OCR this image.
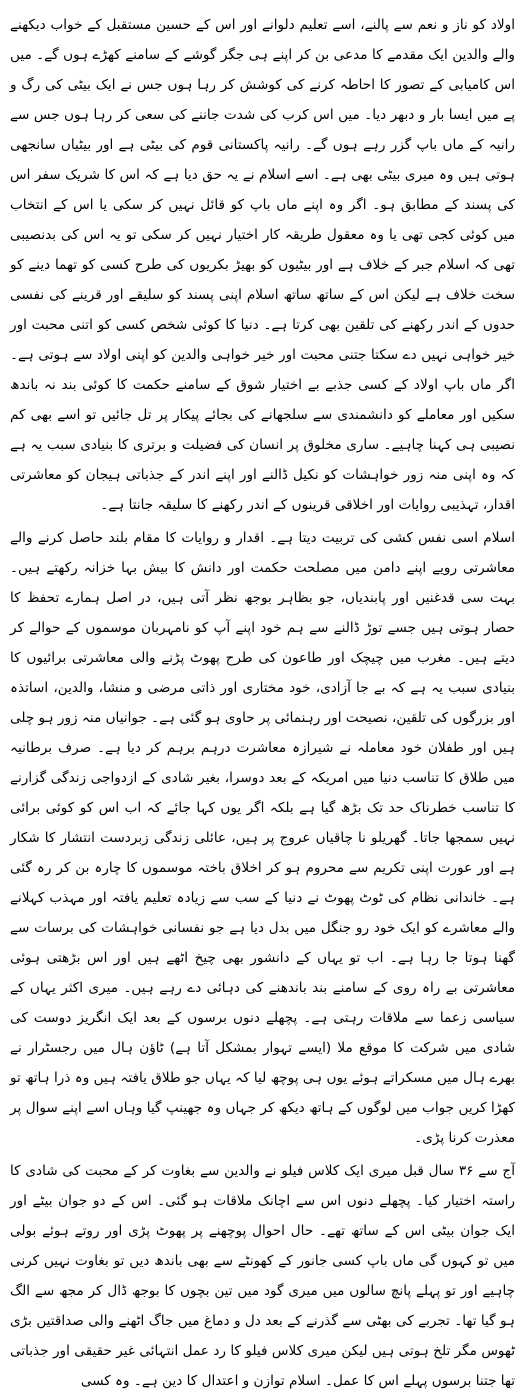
اولاد کو ناز و نعم سے پالنے، اسے تعلیم دلوانے اور اس کے حسین مستقبل کے خواب دیکھنے والے والدین ایک مقدمے کا مدعی بن کر اپنے ہی جگر گوشے کے سامنے کھڑے ہوں گے۔ میں اس کامیابی کے تصور کا احاطہ کرنے کی کوشش کر رہا ہوں جس نے ایک بیٹی کی رگ و پے میں ایسا بار و دبھر دیا۔ میں اس کرب کی شدت جاننے کی سعی کر رہا ہوں جس سے رانیہ کے ماں باپ گزر رہے ہوں گے۔ رانیہ پاکستانی قوم کی بیٹی ہے اور بیٹیاں سانجھی ہوتی ہیں وہ میری بیٹی بھی ہے۔ اسے اسلام نے یہ حق دیا ہے کہ اس کا شریک سفر اس کی پسند کے مطابق ہو۔ اگر وہ اپنے ماں باپ کو قائل نہیں کر سکی یا اس کے انتخاب میں کوئی کجی تھی یا وہ معقول طریقہ کار اختیار نہیں کر سکی تو یہ اس کی بدنصیبی تھی کہ اسلام جبر کے خلاف ہے اور بیٹیوں کو بھیڑ بکریوں کی طرح کسی کو تھما دینے کو سخت خلاف ہے لیکن اس کے ساتھ ساتھ اسلام اپنی پسند کو سلیقے اور قرینے کی نفسی حدوں کے اندر رکھنے کی تلقین بھی کرتا ہے۔ دنیا کا کوئی شخص کسی کو اتنی محبت اور خیر خواہی نہیں دے سکتا جتنی محبت اور خیر خواہی والدین کو اپنی اولاد سے ہوتی ہے۔ اگر ماں باپ اولاد کے کسی جذبے بے اختیار شوق کے سامنے حکمت کا کوئی بند نہ باندھ سکیں اور معاملے کو دانشمندی سے سلجھانے کی بجائے پیکار پر تل جائیں تو اسے بھی کم نصیبی ہی کہنا چاہیے۔ ساری مخلوق پر انسان کی فضیلت و برتری کا بنیادی سبب یہ ہے کہ وہ اپنی منہ زور خواہشات کو نکیل ڈالنے اور اپنے اندر کے جذباتی ہیجان کو معاشرتی اقدار، تہذیبی روایات اور اخلاقی قرینوں کے اندر رکھنے کا سلیقہ جانتا ہے۔

اسلام اسی نفس کشی کی تربیت دیتا ہے۔ اقدار و روایات کا مقام بلند حاصل کرنے والے معاشرتی رویے اپنے دامن میں مصلحت حکمت اور دانش کا بیش بہا خزانہ رکھتے ہیں۔ بہت سی قدغنیں اور پابندیاں، جو بظاہر بوجھ نظر آتی ہیں، در اصل ہمارے تحفظ کا حصار ہوتی ہیں جسے توڑ ڈالنے سے ہم خود اپنے آپ کو نامہربان موسموں کے حوالے کر دیتے ہیں۔ مغرب میں چیچک اور طاعون کی طرح پھوٹ پڑنے والی معاشرتی برائیوں کا بنیادی سبب یہ ہے کہ بے جا آزادی، خود مختاری اور ذاتی مرضی و منشا، والدین، اساتذہ اور بزرگوں کی تلقین، نصیحت اور رہنمائی پر حاوی ہو گئی ہے۔ جوانیاں منہ زور ہو چلی ہیں اور طفلان خود معاملہ نے شیرازہ معاشرت درہم برہم کر دیا ہے۔ صرف برطانیہ میں طلاق کا تناسب دنیا میں امریکہ کے بعد دوسرا، بغیر شادی کے ازدواجی زندگی گزارنے کا تناسب خطرناک حد تک بڑھ گیا ہے بلکہ اگر یوں کہا جائے کہ اب اس کو کوئی برائی نہیں سمجھا جاتا۔ گھریلو نا چاقیاں عروج پر ہیں، عائلی زندگی زبردست انتشار کا شکار ہے اور عورت اپنی تکریم سے محروم ہو کر اخلاق باختہ موسموں کا چارہ بن کر رہ گئی ہے۔ خاندانی نظام کی ٹوٹ پھوٹ نے دنیا کے سب سے زیادہ تعلیم یافتہ اور مہذب کہلانے والے معاشرے کو ایک خود رو جنگل میں بدل دیا ہے جو نفسانی خواہشات کی برسات سے گھنا ہوتا جا رہا ہے۔ اب تو یہاں کے دانشور بھی چیخ اٹھے ہیں اور اس بڑھتی ہوئی معاشرتی بے راہ روی کے سامنے بند باندھنے کی دہائی دے رہے ہیں۔ میری اکثر یہاں کے سیاسی زعما سے ملاقات رہتی ہے۔ پچھلے دنوں برسوں کے بعد ایک انگریز دوست کی شادی میں شرکت کا موقع ملا (ایسے تہوار بمشکل آتا ہے) ٹاؤن ہال میں رجسٹرار نے بھرے ہال میں مسکراتے ہوئے یوں ہی پوچھ لیا کہ یہاں جو طلاق یافتہ ہیں وہ ذرا ہاتھ تو کھڑا کریں جواب میں لوگوں کے ہاتھ دیکھ کر جہاں وہ جھینپ گیا وہاں اسے اپنے سوال پر معذرت کرنا پڑی۔

آج سے ۳۶ سال قبل میری ایک کلاس فیلو نے والدین سے بغاوت کر کے محبت کی شادی کا راستہ اختیار کیا۔ پچھلے دنوں اس سے اچانک ملاقات ہو گئی۔ اس کے دو جوان بیٹے اور ایک جوان بیٹی اس کے ساتھ تھے۔ حال احوال پوچھنے پر پھوٹ پڑی اور روتے ہوئے بولی میں تو کہوں گی ماں باپ کسی جانور کے کھونٹے سے بھی باندھ دیں تو بغاوت نہیں کرنی چاہیے اور تو پہلے پانچ سالوں میں میری گود میں تین بچوں کا بوجھ ڈال کر مجھ سے الگ ہو گیا تھا۔ تجربے کی بھٹی سے گذرنے کے بعد دل و دماغ میں جاگ اٹھنے والی صداقتیں بڑی ٹھوس مگر تلخ ہوتی ہیں لیکن میری کلاس فیلو کا رد عمل انتہائی غیر حقیقی اور جذباتی تھا جتنا برسوں پہلے اس کا عمل۔ اسلام توازن و اعتدال کا دین ہے۔ وہ کسی
